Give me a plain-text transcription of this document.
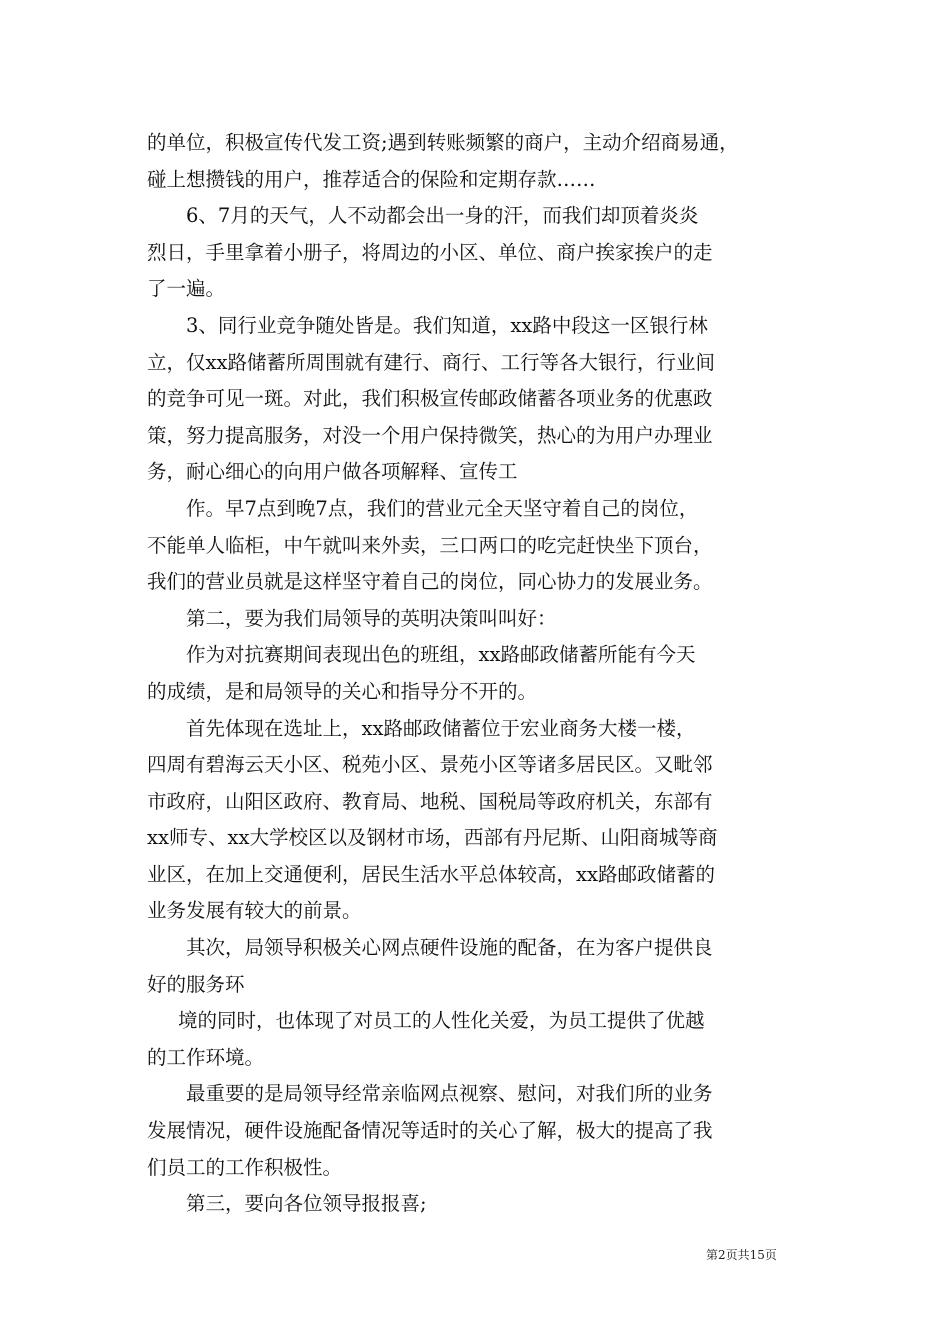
的单位，积极宣传代发工资;遇到转账频繁的商户，主动介绍商易通，
碰上想攒钱的用户，推荐适合的保险和定期存款……
6、7月的天气，人不动都会出一身的汗，而我们却顶着炎炎
烈日，手里拿着小册子，将周边的小区、单位、商户挨家挨户的走
了一遍。
3、同行业竞争随处皆是。我们知道，xx路中段这一区银行林
立，仅xx路储蓄所周围就有建行、商行、工行等各大银行，行业间
的竞争可见一斑。对此，我们积极宣传邮政储蓄各项业务的优惠政
策，努力提高服务，对没一个用户保持微笑，热心的为用户办理业
务，耐心细心的向用户做各项解释、宣传工
作。早7点到晚7点，我们的营业元全天坚守着自己的岗位，
不能单人临柜，中午就叫来外卖，三口两口的吃完赶快坐下顶台，
我们的营业员就是这样坚守着自己的岗位，同心协力的发展业务。
第二，要为我们局领导的英明决策叫叫好：
作为对抗赛期间表现出色的班组，xx路邮政储蓄所能有今天
的成绩，是和局领导的关心和指导分不开的。
首先体现在选址上，xx路邮政储蓄位于宏业商务大楼一楼，
四周有碧海云天小区、税苑小区、景苑小区等诸多居民区。又毗邻
市政府，山阳区政府、教育局、地税、国税局等政府机关，东部有
xx师专、xx大学校区以及钢材市场，西部有丹尼斯、山阳商城等商
业区，在加上交通便利，居民生活水平总体较高，xx路邮政储蓄的
业务发展有较大的前景。
其次，局领导积极关心网点硬件设施的配备，在为客户提供良
好的服务环
境的同时，也体现了对员工的人性化关爱，为员工提供了优越
的工作环境。
最重要的是局领导经常亲临网点视察、慰问，对我们所的业务
发展情况，硬件设施配备情况等适时的关心了解，极大的提高了我
们员工的工作积极性。
第三，要向各位领导报报喜;
第2页共15页
